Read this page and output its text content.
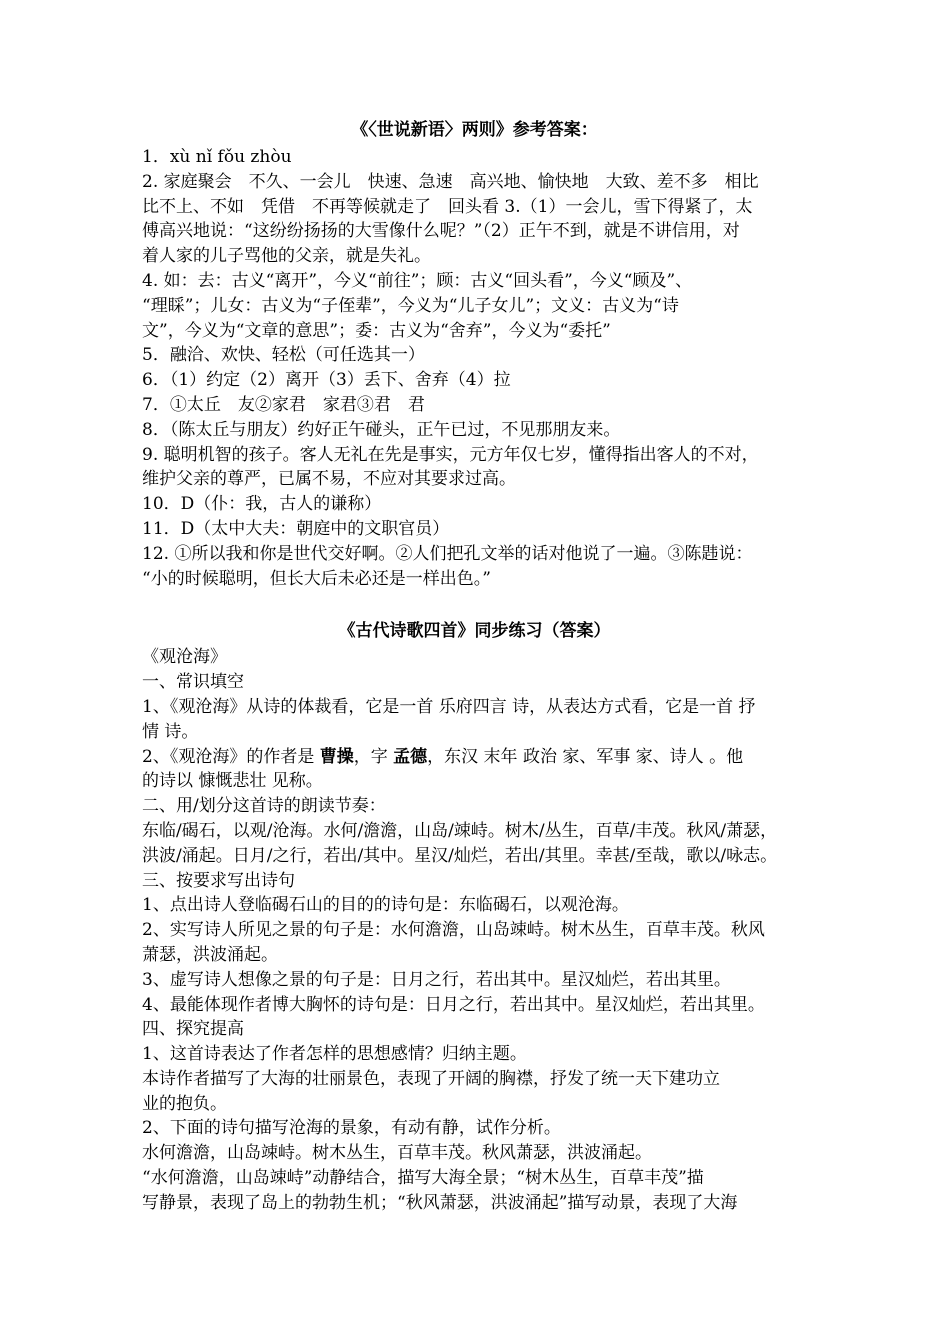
《〈世说新语〉两则》参考答案：

1．xù nǐ fǒu zhòu

2. 家庭聚会　不久、一会儿　快速、急速　高兴地、愉快地　大致、差不多　相比

比不上、不如　凭借　不再等候就走了　回头看 3.（1）一会儿，雪下得紧了，太

傅高兴地说：“这纷纷扬扬的大雪像什么呢？”（2）正午不到，就是不讲信用，对

着人家的儿子骂他的父亲，就是失礼。

4. 如：去：古义“离开”，今义“前往”；顾：古义“回头看”，今义“顾及”、

“理睬”；儿女：古义为“子侄辈”，今义为“儿子女儿”；文义：古义为“诗

文”，今义为“文章的意思”；委：古义为“舍弃”，今义为“委托”

5．融洽、欢快、轻松（可任选其一）

6．（1）约定（2）离开（3）丢下、舍弃（4）拉

7．①太丘　友②家君　家君③君　君

8．（陈太丘与朋友）约好正午碰头，正午已过，不见那朋友来。

9. 聪明机智的孩子。客人无礼在先是事实，元方年仅七岁，懂得指出客人的不对，

维护父亲的尊严，已属不易，不应对其要求过高。

10．D（仆：我，古人的谦称）

11．D（太中大夫：朝庭中的文职官员）

12. ①所以我和你是世代交好啊。②人们把孔文举的话对他说了一遍。③陈韪说：

“小的时候聪明，但长大后未必还是一样出色。”

《古代诗歌四首》同步练习（答案）

《观沧海》

一、常识填空

1、《观沧海》从诗的体裁看，它是一首 乐府四言 诗，从表达方式看，它是一首 抒

情 诗。

2、《观沧海》的作者是 曹操，字 孟德，东汉 末年 政治 家、军事 家、诗人 。他

的诗以 慷慨悲壮 见称。

二、用/划分这首诗的朗读节奏：

东临/碣石，以观/沧海。水何/澹澹，山岛/竦峙。树木/丛生，百草/丰茂。秋风/萧瑟，

洪波/涌起。日月/之行，若出/其中。星汉/灿烂，若出/其里。幸甚/至哉，歌以/咏志。

三、按要求写出诗句

1、点出诗人登临碣石山的目的的诗句是：东临碣石，以观沧海。

2、实写诗人所见之景的句子是：水何澹澹，山岛竦峙。树木丛生，百草丰茂。秋风

萧瑟，洪波涌起。

3、虚写诗人想像之景的句子是：日月之行，若出其中。星汉灿烂，若出其里。

4、最能体现作者博大胸怀的诗句是：日月之行，若出其中。星汉灿烂，若出其里。

四、探究提高

1、这首诗表达了作者怎样的思想感情？归纳主题。

本诗作者描写了大海的壮丽景色，表现了开阔的胸襟，抒发了统一天下建功立

业的抱负。

2、下面的诗句描写沧海的景象，有动有静，试作分析。

水何澹澹，山岛竦峙。树木丛生，百草丰茂。秋风萧瑟，洪波涌起。

“水何澹澹，山岛竦峙”动静结合，描写大海全景；“树木丛生，百草丰茂”描

写静景，表现了岛上的勃勃生机；“秋风萧瑟，洪波涌起”描写动景，表现了大海
